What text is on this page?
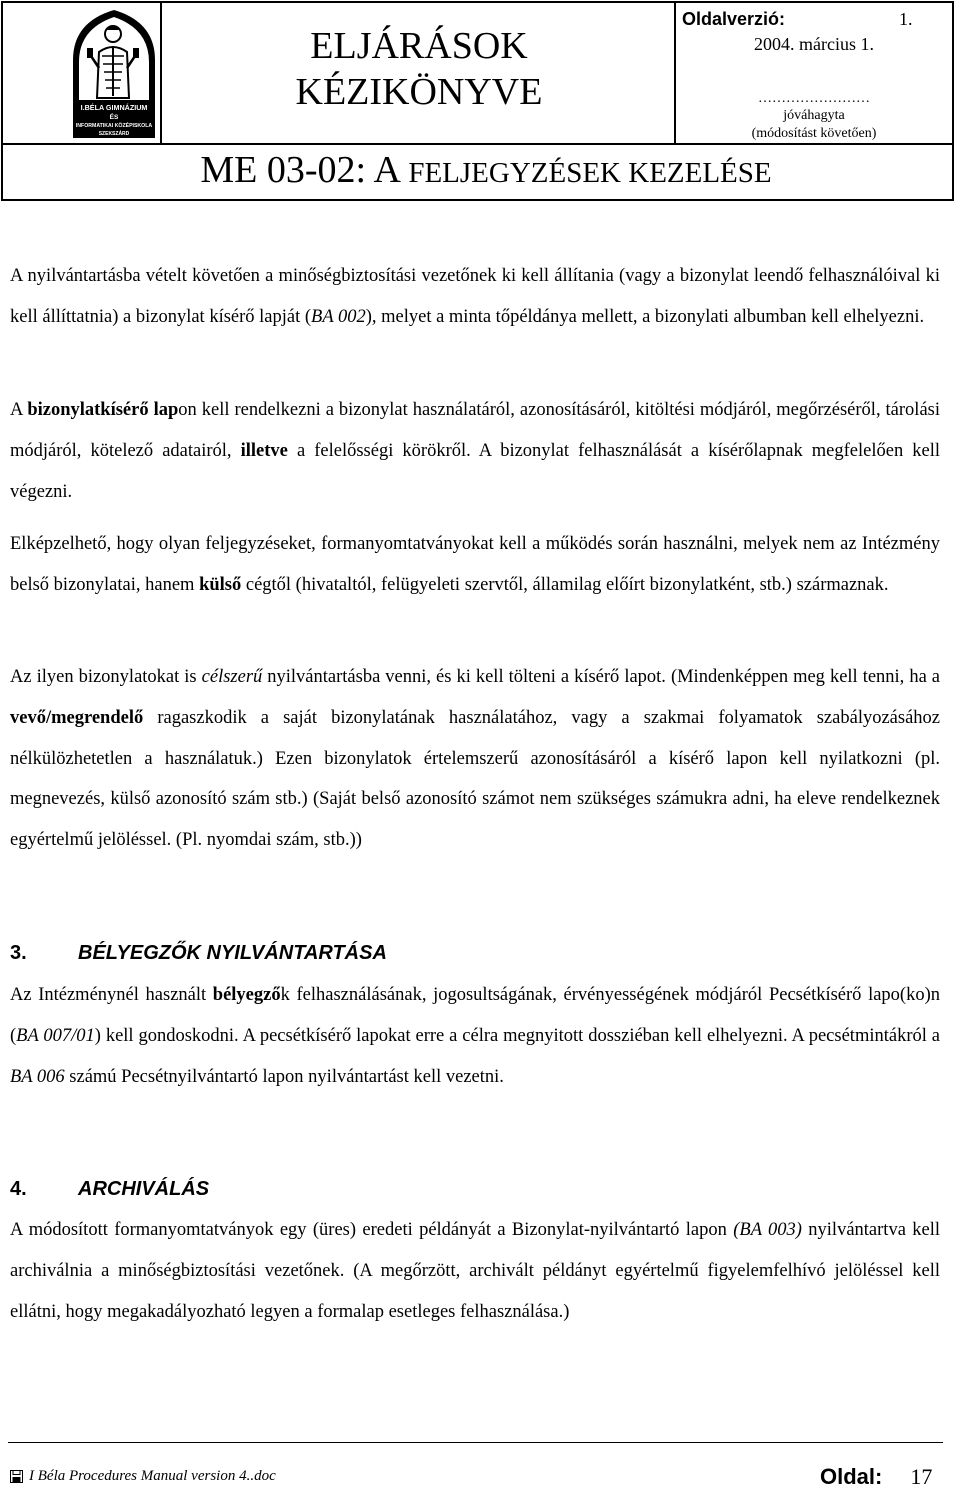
I.BÉLA GIMNÁZIUM
ÉS
INFORMATIKAI KÖZÉPISKOLA
SZEKSZÁRD
ELJÁRÁSOK
KÉZIKÖNYVE
Oldalverzió:	1.
2004. március 1.
……………………
jóváhagyta
(módosítást követően)
ME 03-02: A FELJEGYZÉSEK KEZELÉSE
A nyilvántartásba vételt követően a minőségbiztosítási vezetőnek ki kell állítania (vagy a bizonylat leendő felhasználóival ki kell állíttatnia) a bizonylat kísérő lapját (BA 002), melyet a minta tőpéldánya mellett, a bizonylati albumban kell elhelyezni.
A bizonylatkísérő lapon kell rendelkezni a bizonylat használatáról, azonosításáról, kitöltési módjáról, megőrzéséről, tárolási módjáról, kötelező adatairól, illetve a felelősségi körökről. A bizonylat felhasználását a kísérőlapnak megfelelően kell végezni.
Elképzelhető, hogy olyan feljegyzéseket, formanyomtatványokat kell a működés során használni, melyek nem az Intézmény belső bizonylatai, hanem külső cégtől (hivataltól, felügyeleti szervtől, államilag előírt bizonylatként, stb.) származnak.
Az ilyen bizonylatokat is célszerű nyilvántartásba venni, és ki kell tölteni a kísérő lapot. (Mindenképpen meg kell tenni, ha a vevő/megrendelő ragaszkodik a saját bizonylatának használatához, vagy a szakmai folyamatok szabályozásához nélkülözhetetlen a használatuk.) Ezen bizonylatok értelemszerű azonosításáról a kísérő lapon kell nyilatkozni (pl. megnevezés, külső azonosító szám stb.) (Saját belső azonosító számot nem szükséges számukra adni, ha eleve rendelkeznek egyértelmű jelöléssel. (Pl. nyomdai szám, stb.))
3.	BÉLYEGZŐK NYILVÁNTARTÁSA
Az Intézménynél használt bélyegzők felhasználásának, jogosultságának, érvényességének módjáról Pecsétkísérő lapo(ko)n (BA 007/01) kell gondoskodni. A pecsétkísérő lapokat erre a célra megnyitott dossziéban kell elhelyezni. A pecsétmintákról a BA 006 számú Pecsétnyilvántartó lapon nyilvántartást kell vezetni.
4.	ARCHIVÁLÁS
A módosított formanyomtatványok egy (üres) eredeti példányát a Bizonylat-nyilvántartó lapon (BA 003) nyilvántartva kell archiválnia a minőségbiztosítási vezetőnek. (A megőrzött, archivált példányt egyértelmű figyelemfelhívó jelöléssel kell ellátni, hogy megakadályozható legyen a formalap esetleges felhasználása.)
I Béla Procedures Manual version 4..doc	Oldal: 17
